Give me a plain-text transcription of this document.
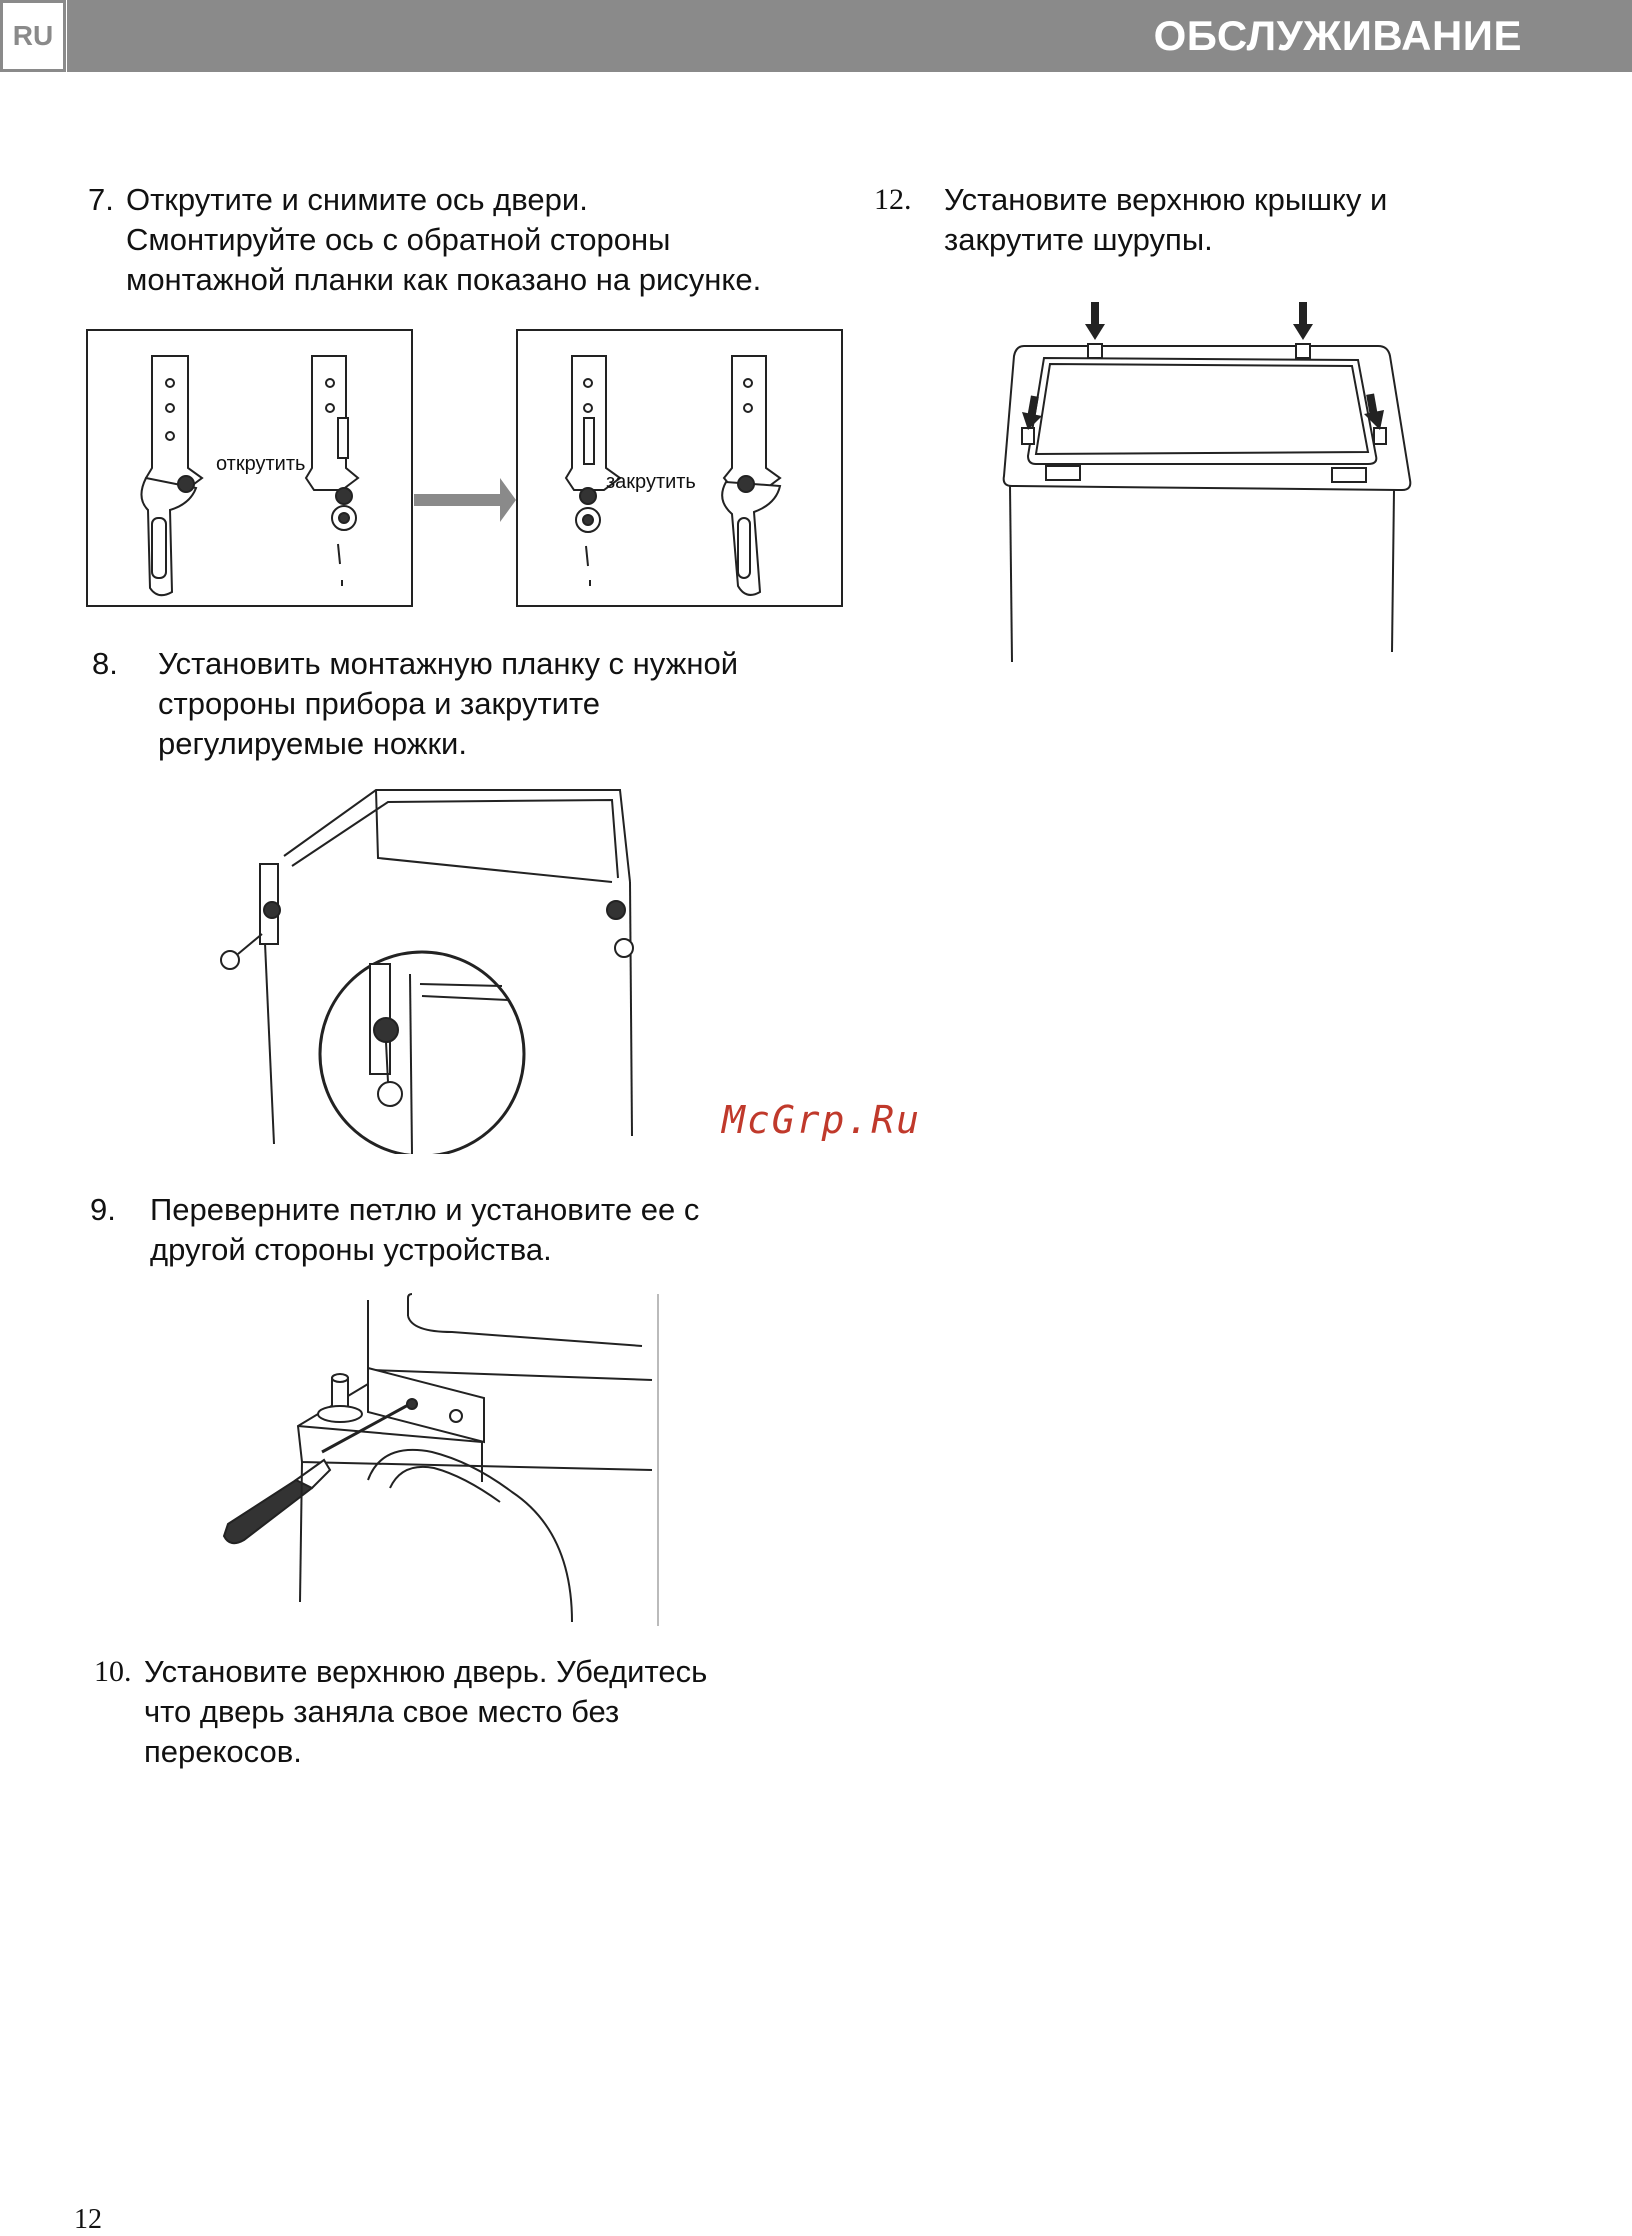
RU	ОБСЛУЖИВАНИЕ
7. Открутите и снимите ось двери.
Смонтируйте ось с обратной стороны
монтажной планки как показано на рисунке.
открутить
закрутить
8. Установить монтажную планку с нужной
стророны прибора и закрутите
регулируемые ножки.
McGrp.Ru
9. Переверните петлю и установите ее с
другой стороны устройства.
10. Установите верхнюю дверь. Убедитесь
что дверь заняла свое место без
перекосов.
12. Установите верхнюю крышку и
закрутите шурупы.
12
